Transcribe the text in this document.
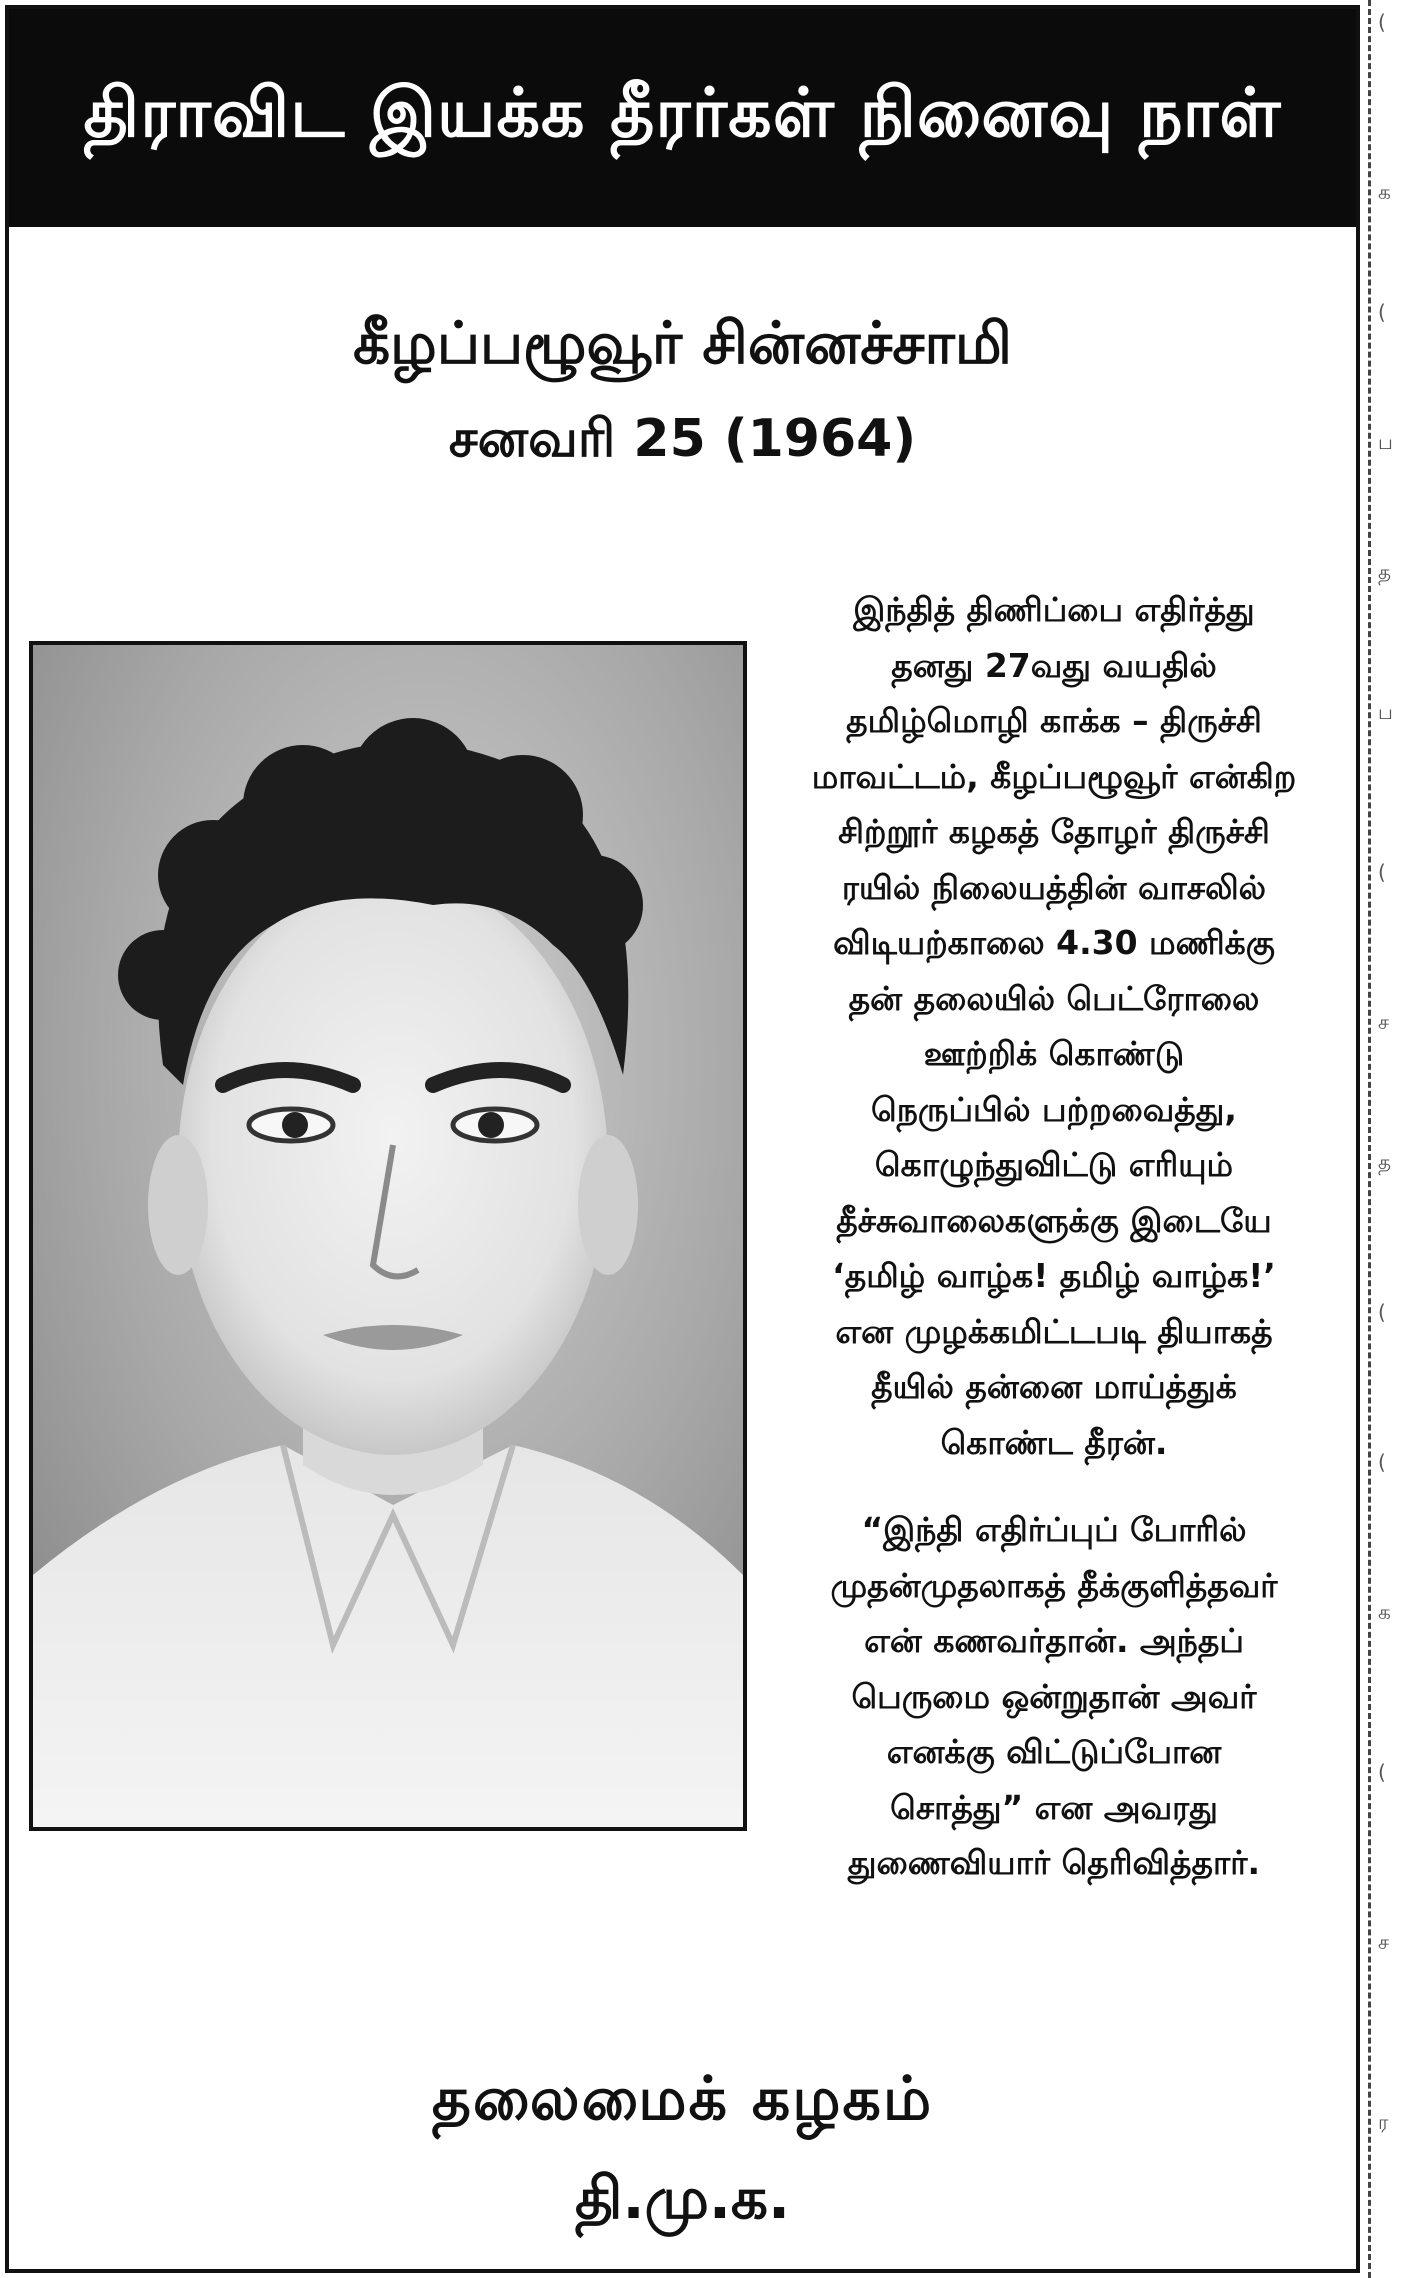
திராவிட இயக்க தீரர்கள் நினைவு நாள்
கீழப்பழூவூர் சின்னச்சாமி
சனவரி 25 (1964)
இந்தித் திணிப்பை எதிர்த்து
தனது 27வது வயதில்
தமிழ்மொழி காக்க – திருச்சி
மாவட்டம், கீழப்பழூவூர் என்கிற
சிற்றூர் கழகத் தோழர் திருச்சி
ரயில் நிலையத்தின் வாசலில்
விடியற்காலை 4.30 மணிக்கு
தன் தலையில் பெட்ரோலை
ஊற்றிக் கொண்டு
நெருப்பில் பற்றவைத்து,
கொழுந்துவிட்டு எரியும்
தீச்சுவாலைகளுக்கு இடையே
‘தமிழ் வாழ்க! தமிழ் வாழ்க!’
என முழக்கமிட்டபடி தியாகத்
தீயில் தன்னை மாய்த்துக்
கொண்ட தீரன்.
“இந்தி எதிர்ப்புப் போரில்
முதன்முதலாகத் தீக்குளித்தவர்
என் கணவர்தான். அந்தப்
பெருமை ஒன்றுதான் அவர்
எனக்கு விட்டுப்போன
சொத்து” என அவரது
துணைவியார் தெரிவித்தார்.
தலைமைக் கழகம்
தி.மு.க.
(
க
(
ப
த
ப
(
ச
த
(
(
க
(
ச
ர
